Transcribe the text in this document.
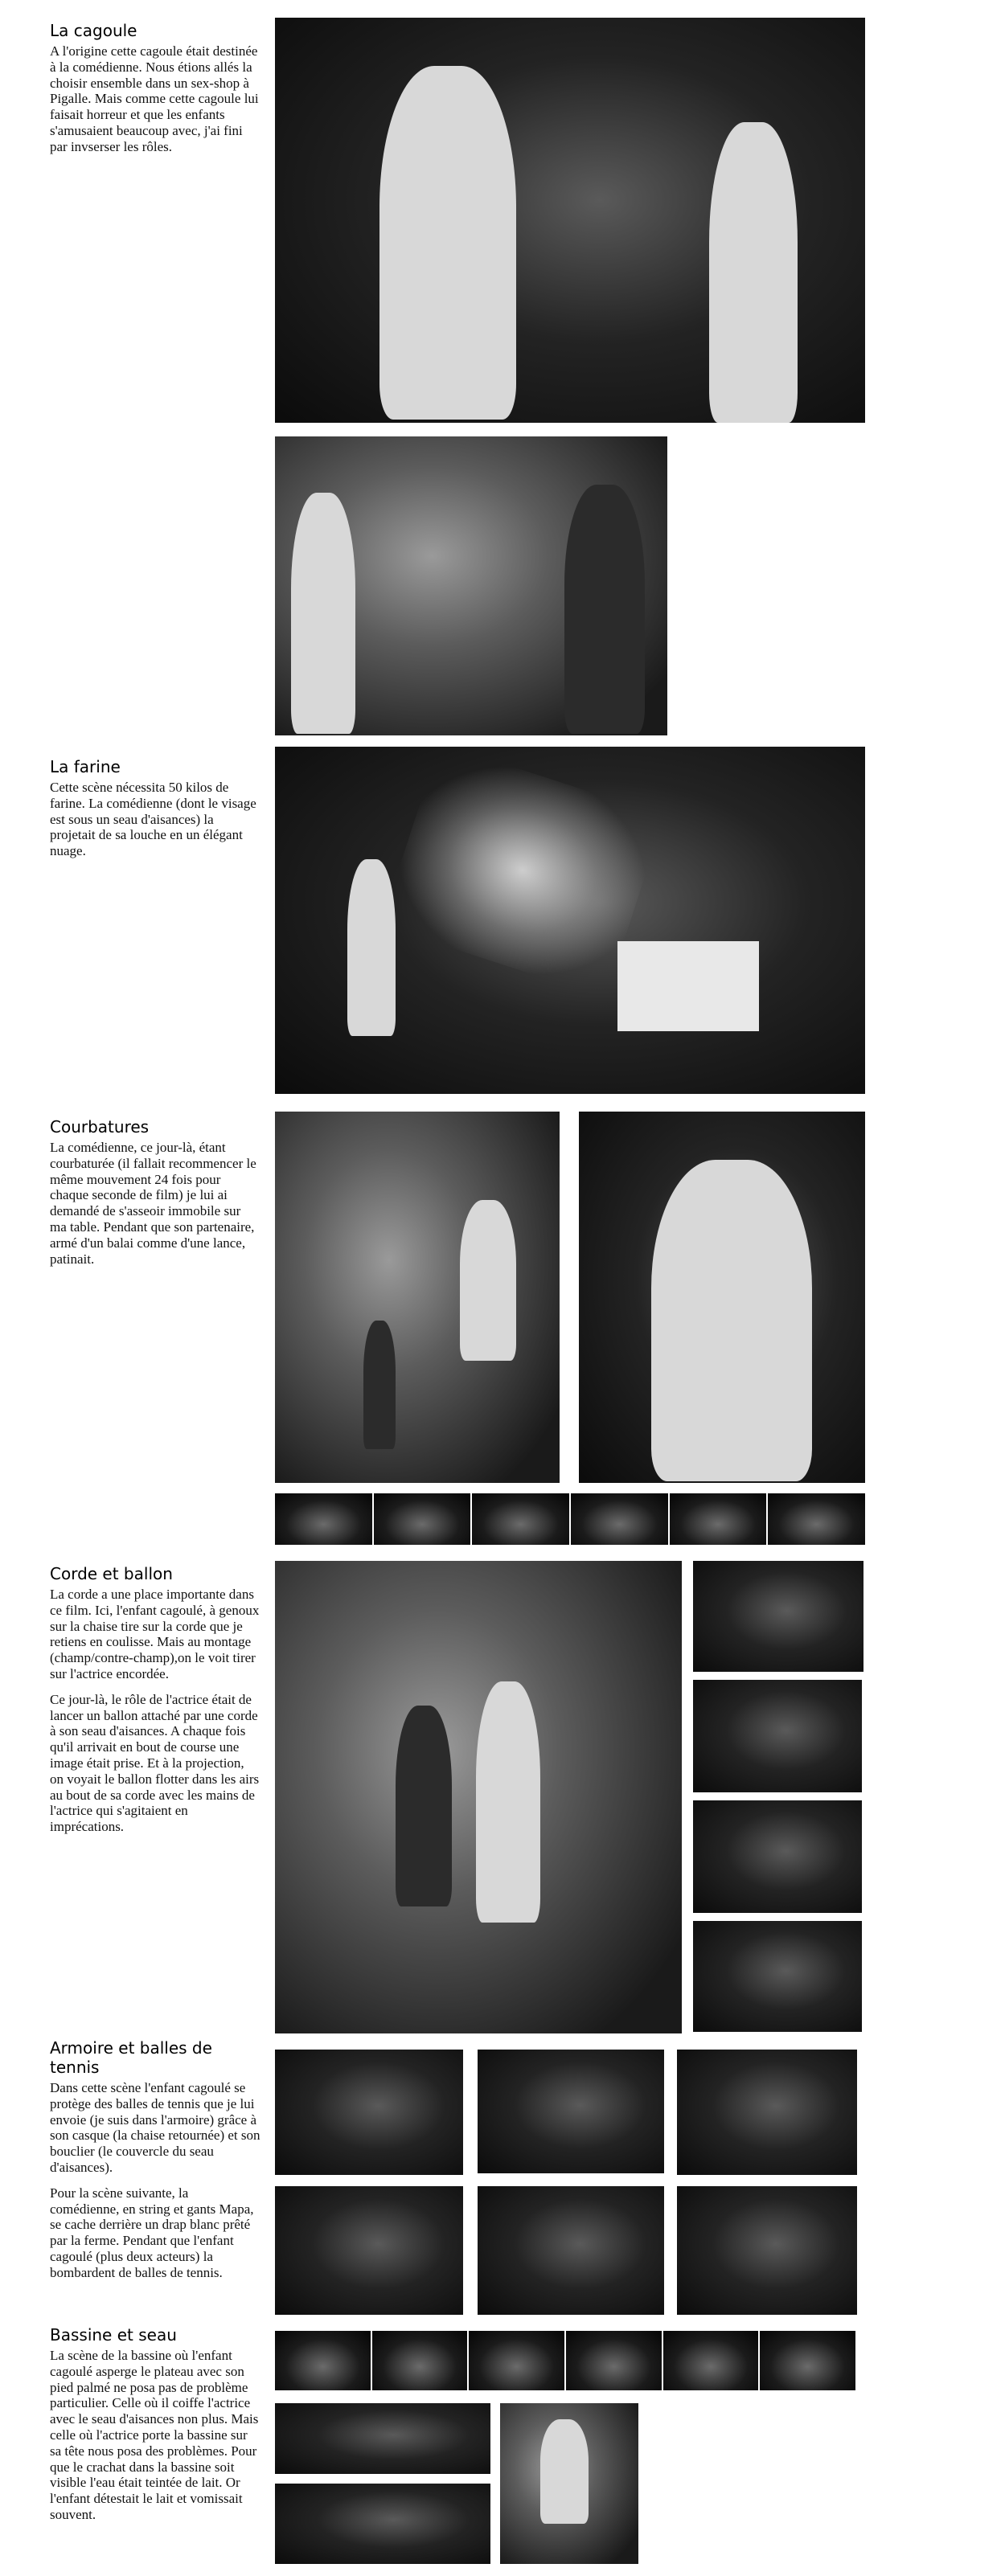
La cagoule

A l'origine cette cagoule était destinée à la comédienne. Nous étions allés la choisir ensemble dans un sex-shop à Pigalle. Mais comme cette cagoule lui faisait horreur et que les enfants s'amusaient beaucoup avec, j'ai fini par invserser les rôles.

La farine

Cette scène nécessita 50 kilos de farine. La comédienne (dont le visage est sous un seau d'aisances) la projetait de sa louche en un élégant nuage.

Courbatures

La comédienne, ce jour-là, étant courbaturée (il fallait recommencer le même mouvement 24 fois pour chaque seconde de film) je lui ai demandé de s'asseoir immobile sur ma table. Pendant que son partenaire, armé d'un balai comme d'une lance, patinait.

Corde et ballon

La corde a une place importante dans ce film. Ici, l'enfant cagoulé, à genoux sur la chaise tire sur la corde que je retiens en coulisse. Mais au montage (champ/contre-champ),on le voit tirer sur l'actrice encordée.

Ce jour-là, le rôle de l'actrice était de lancer un ballon attaché par une corde à son seau d'aisances. A chaque fois qu'il arrivait en bout de course une image était prise. Et à la projection, on voyait le ballon flotter dans les airs au bout de sa corde avec les mains de l'actrice qui s'agitaient en imprécations.

Armoire et balles de tennis

Dans cette scène l'enfant cagoulé se protège des balles de tennis que je lui envoie (je suis dans l'armoire) grâce à son casque (la chaise retournée) et son bouclier (le couvercle du seau d'aisances).

Pour la scène suivante, la comédienne, en string et gants Mapa, se cache derrière un drap blanc prêté par la ferme. Pendant que l'enfant cagoulé (plus deux acteurs) la bombardent de balles de tennis.

Bassine et seau

La scène de la bassine où l'enfant cagoulé asperge le plateau avec son pied palmé ne posa pas de problème particulier. Celle où il coiffe l'actrice avec le seau d'aisances non plus. Mais celle où l'actrice porte la bassine sur sa tête nous posa des problèmes. Pour que le crachat dans la bassine soit visible l'eau était teintée de lait. Or l'enfant détestait le lait et vomissait souvent.
